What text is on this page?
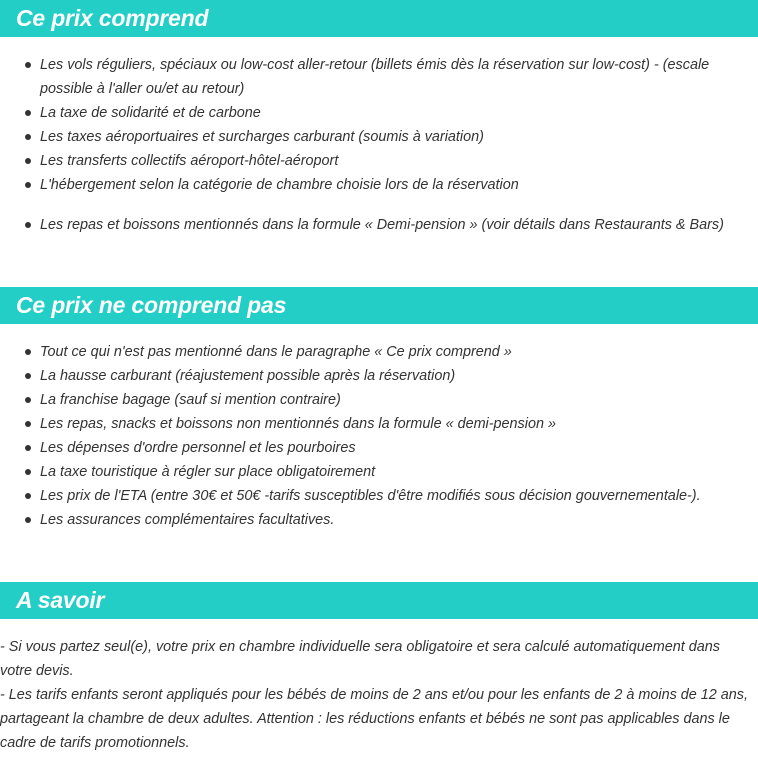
Ce prix comprend
Les vols réguliers, spéciaux ou low-cost aller-retour (billets émis dès la réservation sur low-cost) - (escale possible à l'aller ou/et au retour)
La taxe de solidarité et de carbone
Les taxes aéroportuaires et surcharges carburant (soumis à variation)
Les transferts collectifs aéroport-hôtel-aéroport
L'hébergement selon la catégorie de chambre choisie lors de la réservation
Les repas et boissons mentionnés dans la formule « Demi-pension » (voir détails dans Restaurants & Bars)
Ce prix ne comprend pas
Tout ce qui n'est pas mentionné dans le paragraphe « Ce prix comprend »
La hausse carburant (réajustement possible après la réservation)
La franchise bagage (sauf si mention contraire)
Les repas, snacks et boissons non mentionnés dans la formule « demi-pension »
Les dépenses d'ordre personnel et les pourboires
La taxe touristique à régler sur place obligatoirement
Les prix de l'ETA (entre 30€ et 50€ -tarifs susceptibles d'être modifiés sous décision gouvernementale-).
Les assurances complémentaires facultatives.
A savoir

- Si vous partez seul(e), votre prix en chambre individuelle sera obligatoire et sera calculé automatiquement dans votre devis.

- Les tarifs enfants seront appliqués pour les bébés de moins de 2 ans et/ou pour les enfants de 2 à moins de 12 ans, partageant la chambre de deux adultes. Attention : les réductions enfants et bébés ne sont pas applicables dans le cadre de tarifs promotionnels.
